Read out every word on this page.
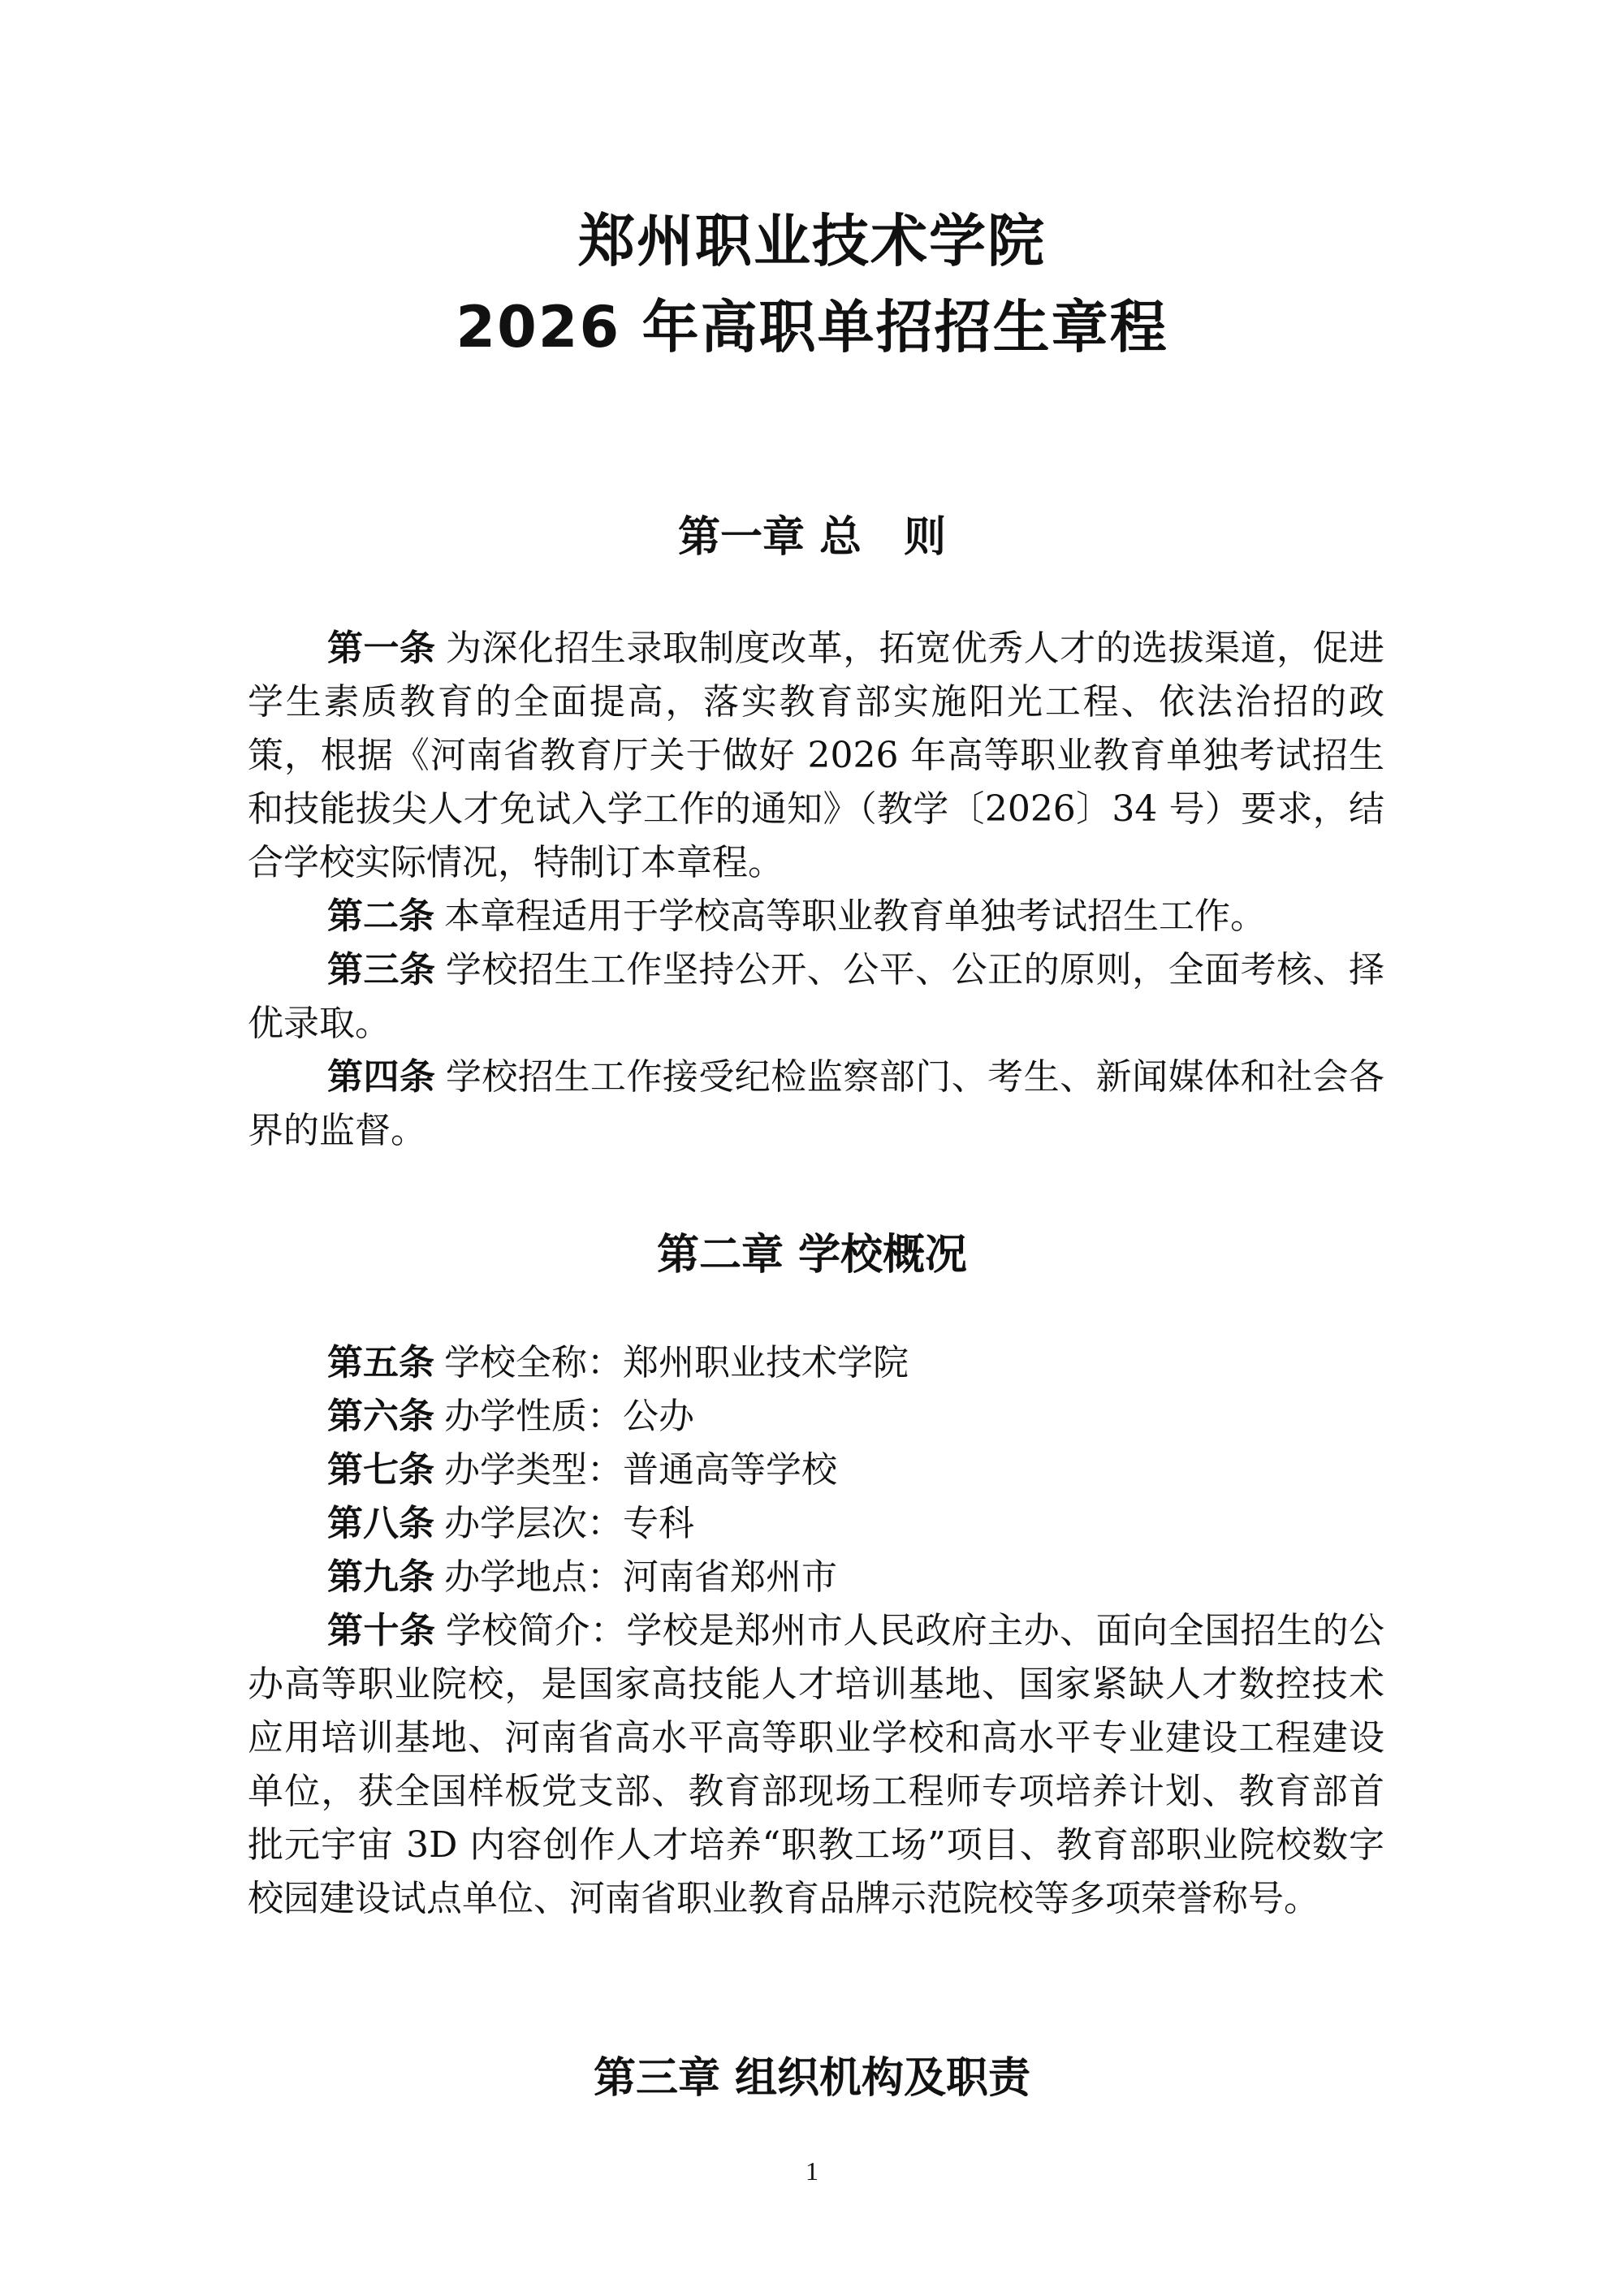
郑州职业技术学院
2026 年高职单招招生章程
第一章 总　则

第一条 为深化招生录取制度改革，拓宽优秀人才的选拔渠道，促进学生素质教育的全面提高，落实教育部实施阳光工程、依法治招的政策，根据《河南省教育厅关于做好 2026 年高等职业教育单独考试招生和技能拔尖人才免试入学工作的通知》（教学〔2026〕34 号）要求，结合学校实际情况，特制订本章程。

第二条 本章程适用于学校高等职业教育单独考试招生工作。

第三条 学校招生工作坚持公开、公平、公正的原则，全面考核、择优录取。

第四条 学校招生工作接受纪检监察部门、考生、新闻媒体和社会各界的监督。

第二章 学校概况

第五条 学校全称：郑州职业技术学院

第六条 办学性质：公办

第七条 办学类型：普通高等学校

第八条 办学层次：专科

第九条 办学地点：河南省郑州市

第十条 学校简介：学校是郑州市人民政府主办、面向全国招生的公办高等职业院校，是国家高技能人才培训基地、国家紧缺人才数控技术应用培训基地、河南省高水平高等职业学校和高水平专业建设工程建设单位，获全国样板党支部、教育部现场工程师专项培养计划、教育部首批元宇宙 3D 内容创作人才培养“职教工场”项目、教育部职业院校数字校园建设试点单位、河南省职业教育品牌示范院校等多项荣誉称号。

第三章 组织机构及职责
1
